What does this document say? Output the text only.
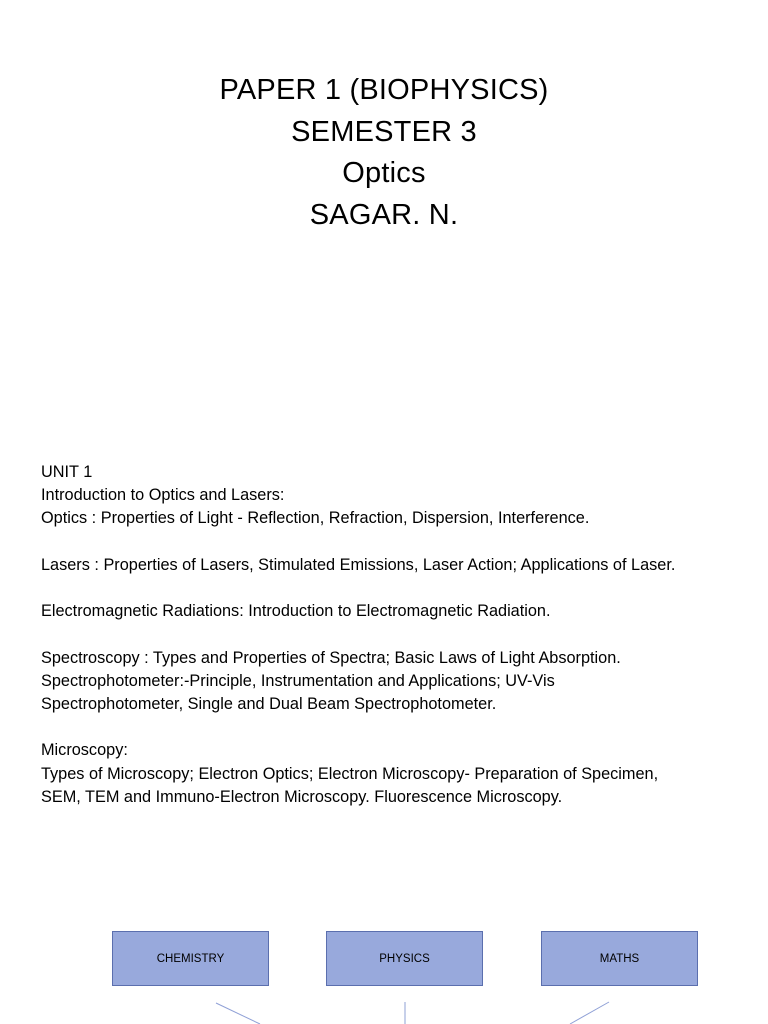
PAPER 1 (BIOPHYSICS)
SEMESTER 3
Optics
SAGAR. N.
UNIT 1
Introduction to Optics and Lasers:
Optics : Properties of Light - Reflection, Refraction, Dispersion, Interference.
Lasers : Properties of Lasers, Stimulated Emissions, Laser Action; Applications of Laser.
Electromagnetic Radiations: Introduction to Electromagnetic Radiation.
Spectroscopy : Types and Properties of Spectra; Basic Laws of Light Absorption.
Spectrophotometer:-Principle, Instrumentation and Applications; UV-Vis
Spectrophotometer, Single and Dual Beam Spectrophotometer.
Microscopy:
Types of Microscopy; Electron Optics; Electron Microscopy- Preparation of Specimen,
SEM, TEM and Immuno-Electron Microscopy. Fluorescence Microscopy.
CHEMISTRY	PHYSICS	MATHS
